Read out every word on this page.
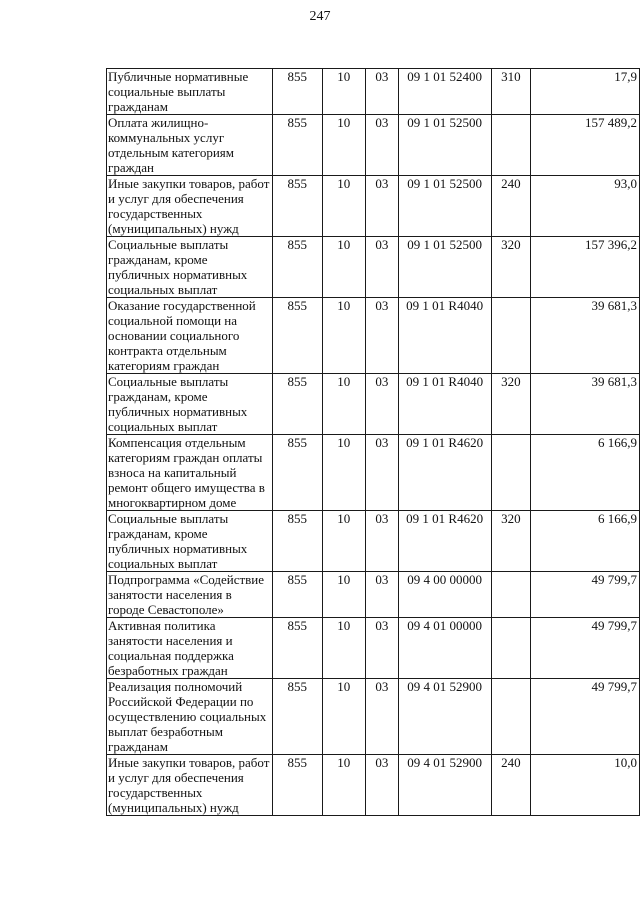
247
Публичные нормативные социальные выплаты гражданам	855	10	03	09 1 01 52400	310	17,9

Оплата жилищно-коммунальных услуг отдельным категориям граждан	855	10	03	09 1 01 52500		157 489,2

Иные закупки товаров, работ и услуг для обеспечения государственных (муниципальных) нужд	855	10	03	09 1 01 52500	240	93,0

Социальные выплаты гражданам, кроме публичных нормативных социальных выплат	855	10	03	09 1 01 52500	320	157 396,2

Оказание государственной социальной помощи на основании социального контракта отдельным категориям граждан	855	10	03	09 1 01 R4040		39 681,3

Социальные выплаты гражданам, кроме публичных нормативных социальных выплат	855	10	03	09 1 01 R4040	320	39 681,3

Компенсация отдельным категориям граждан оплаты взноса на капитальный ремонт общего имущества в многоквартирном доме	855	10	03	09 1 01 R4620		6 166,9

Социальные выплаты гражданам, кроме публичных нормативных социальных выплат	855	10	03	09 1 01 R4620	320	6 166,9

Подпрограмма «Содействие занятости населения в городе Севастополе»	855	10	03	09 4 00 00000		49 799,7

Активная политика занятости населения и социальная поддержка безработных граждан	855	10	03	09 4 01 00000		49 799,7

Реализация полномочий Российской Федерации по осуществлению социальных выплат безработным гражданам	855	10	03	09 4 01 52900		49 799,7

Иные закупки товаров, работ и услуг для обеспечения государственных (муниципальных) нужд	855	10	03	09 4 01 52900	240	10,0
